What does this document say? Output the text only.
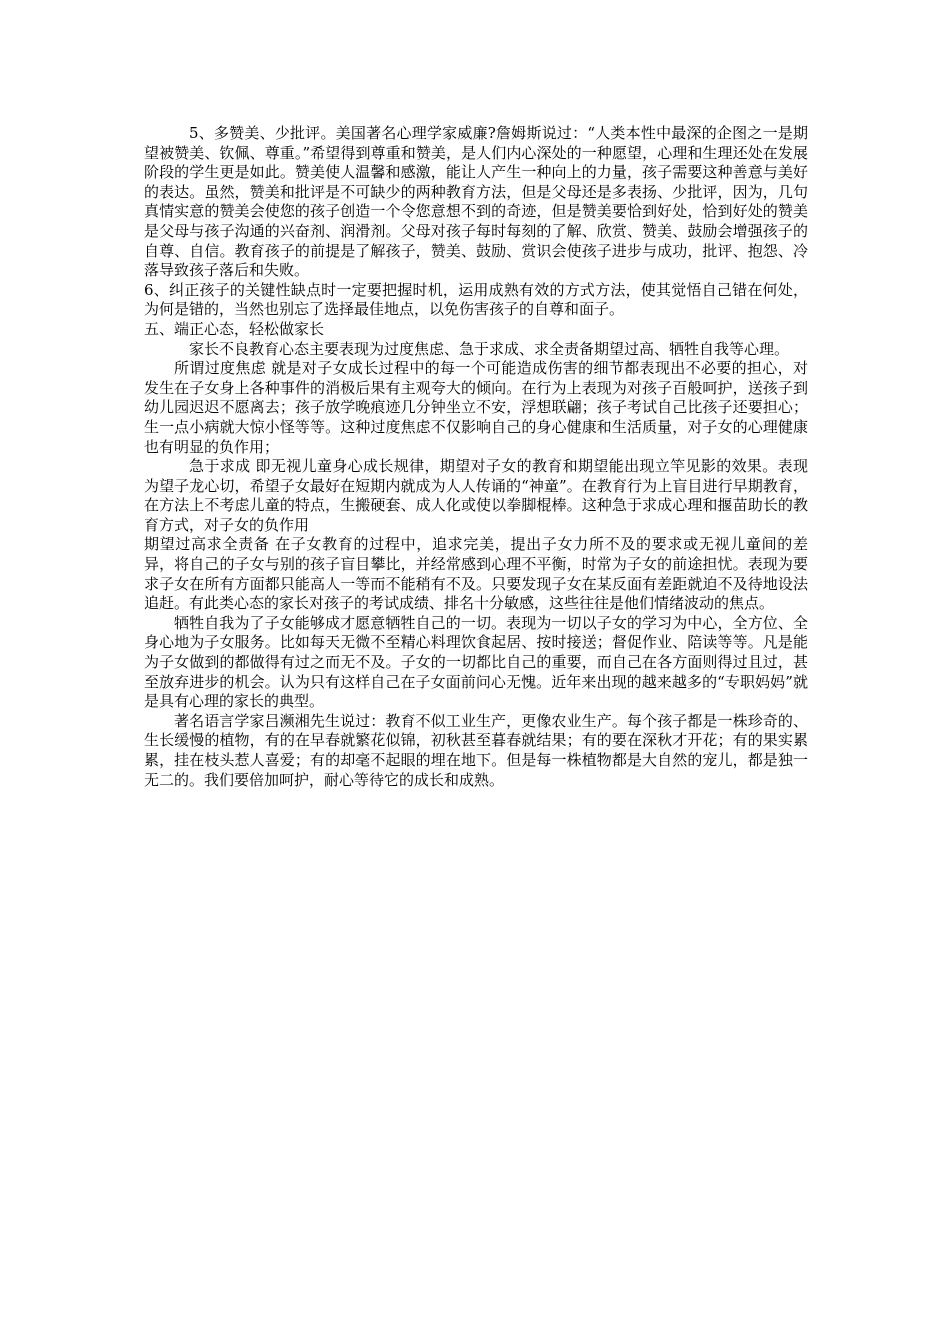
5、多赞美、少批评。美国著名心理学家威廉?詹姆斯说过：“人类本性中最深的企图之一是期望被赞美、钦佩、尊重。”希望得到尊重和赞美，是人们内心深处的一种愿望，心理和生理还处在发展阶段的学生更是如此。赞美使人温馨和感激，能让人产生一种向上的力量，孩子需要这种善意与美好的表达。虽然，赞美和批评是不可缺少的两种教育方法，但是父母还是多表扬、少批评，因为，几句真情实意的赞美会使您的孩子创造一个令您意想不到的奇迹，但是赞美要恰到好处，恰到好处的赞美是父母与孩子沟通的兴奋剂、润滑剂。父母对孩子每时每刻的了解、欣赏、赞美、鼓励会增强孩子的自尊、自信。教育孩子的前提是了解孩子，赞美、鼓励、赏识会使孩子进步与成功，批评、抱怨、冷落导致孩子落后和失败。

6、纠正孩子的关键性缺点时一定要把握时机，运用成熟有效的方式方法，使其觉悟自己错在何处，为何是错的，当然也别忘了选择最佳地点，以免伤害孩子的自尊和面子。

五、端正心态，轻松做家长

家长不良教育心态主要表现为过度焦虑、急于求成、求全责备期望过高、牺牲自我等心理。

所谓过度焦虑 就是对子女成长过程中的每一个可能造成伤害的细节都表现出不必要的担心，对发生在子女身上各种事件的消极后果有主观夸大的倾向。在行为上表现为对孩子百般呵护，送孩子到幼儿园迟迟不愿离去；孩子放学晚痕迹几分钟坐立不安，浮想联翩；孩子考试自己比孩子还要担心；生一点小病就大惊小怪等等。这种过度焦虑不仅影响自己的身心健康和生活质量，对子女的心理健康也有明显的负作用；

急于求成 即无视儿童身心成长规律，期望对子女的教育和期望能出现立竿见影的效果。表现为望子龙心切，希望子女最好在短期内就成为人人传诵的“神童”。在教育行为上盲目进行早期教育，在方法上不考虑儿童的特点，生搬硬套、成人化或使以拳脚棍棒。这种急于求成心理和揠苗助长的教育方式，对子女的负作用

期望过高求全责备 在子女教育的过程中，追求完美，提出子女力所不及的要求或无视儿童间的差异，将自己的子女与别的孩子盲目攀比，并经常感到心理不平衡，时常为子女的前途担忧。表现为要求子女在所有方面都只能高人一等而不能稍有不及。只要发现子女在某反面有差距就迫不及待地设法追赶。有此类心态的家长对孩子的考试成绩、排名十分敏感，这些往往是他们情绪波动的焦点。

牺牲自我为了子女能够成才愿意牺牲自己的一切。表现为一切以子女的学习为中心，全方位、全身心地为子女服务。比如每天无微不至精心料理饮食起居、按时接送；督促作业、陪读等等。凡是能为子女做到的都做得有过之而无不及。子女的一切都比自己的重要，而自己在各方面则得过且过，甚至放弃进步的机会。认为只有这样自己在子女面前问心无愧。近年来出现的越来越多的“专职妈妈”就是具有心理的家长的典型。

著名语言学家吕濒湘先生说过：教育不似工业生产，更像农业生产。每个孩子都是一株珍奇的、生长缓慢的植物，有的在早春就繁花似锦，初秋甚至暮春就结果；有的要在深秋才开花；有的果实累累，挂在枝头惹人喜爱；有的却毫不起眼的埋在地下。但是每一株植物都是大自然的宠儿，都是独一无二的。我们要倍加呵护，耐心等待它的成长和成熟。
